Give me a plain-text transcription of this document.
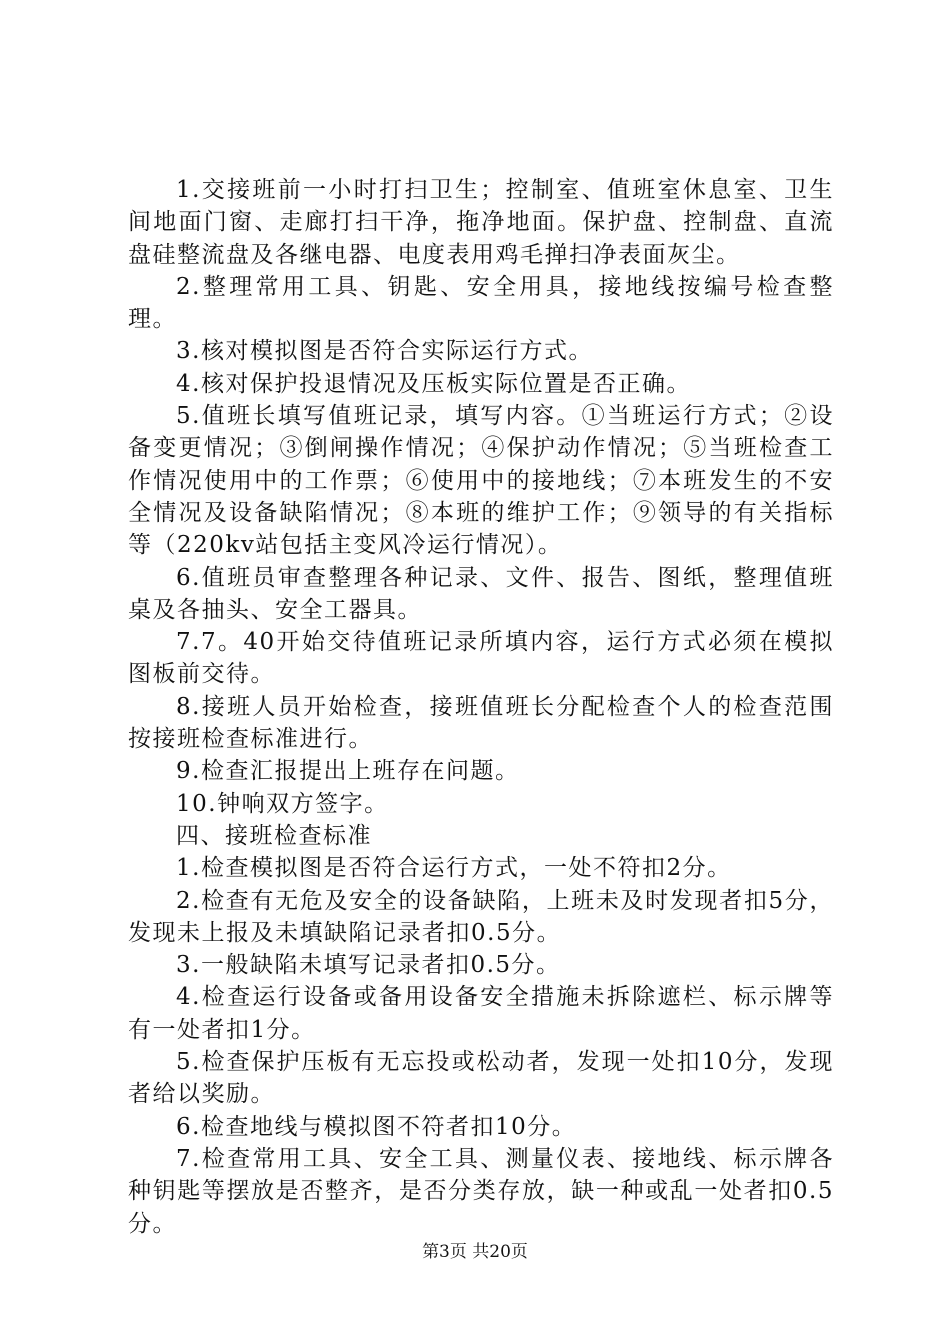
1.交接班前一小时打扫卫生；控制室、值班室休息室、卫生间地面门窗、走廊打扫干净，拖净地面。保护盘、控制盘、直流盘硅整流盘及各继电器、电度表用鸡毛掸扫净表面灰尘。

2.整理常用工具、钥匙、安全用具，接地线按编号检查整理。

3.核对模拟图是否符合实际运行方式。

4.核对保护投退情况及压板实际位置是否正确。

5.值班长填写值班记录，填写内容。①当班运行方式；②设备变更情况；③倒闸操作情况；④保护动作情况；⑤当班检查工作情况使用中的工作票；⑥使用中的接地线；⑦本班发生的不安全情况及设备缺陷情况；⑧本班的维护工作；⑨领导的有关指标等（220kv站包括主变风冷运行情况）。

6.值班员审查整理各种记录、文件、报告、图纸，整理值班桌及各抽头、安全工器具。

7.7。40开始交待值班记录所填内容，运行方式必须在模拟图板前交待。

8.接班人员开始检查，接班值班长分配检查个人的检查范围按接班检查标准进行。

9.检查汇报提出上班存在问题。

10.钟响双方签字。

四、接班检查标准

1.检查模拟图是否符合运行方式，一处不符扣2分。

2.检查有无危及安全的设备缺陷，上班未及时发现者扣5分，发现未上报及未填缺陷记录者扣0.5分。

3.一般缺陷未填写记录者扣0.5分。

4.检查运行设备或备用设备安全措施未拆除遮栏、标示牌等有一处者扣1分。

5.检查保护压板有无忘投或松动者，发现一处扣10分，发现者给以奖励。

6.检查地线与模拟图不符者扣10分。

7.检查常用工具、安全工具、测量仪表、接地线、标示牌各种钥匙等摆放是否整齐，是否分类存放，缺一种或乱一处者扣0.5分。

第3页 共20页
